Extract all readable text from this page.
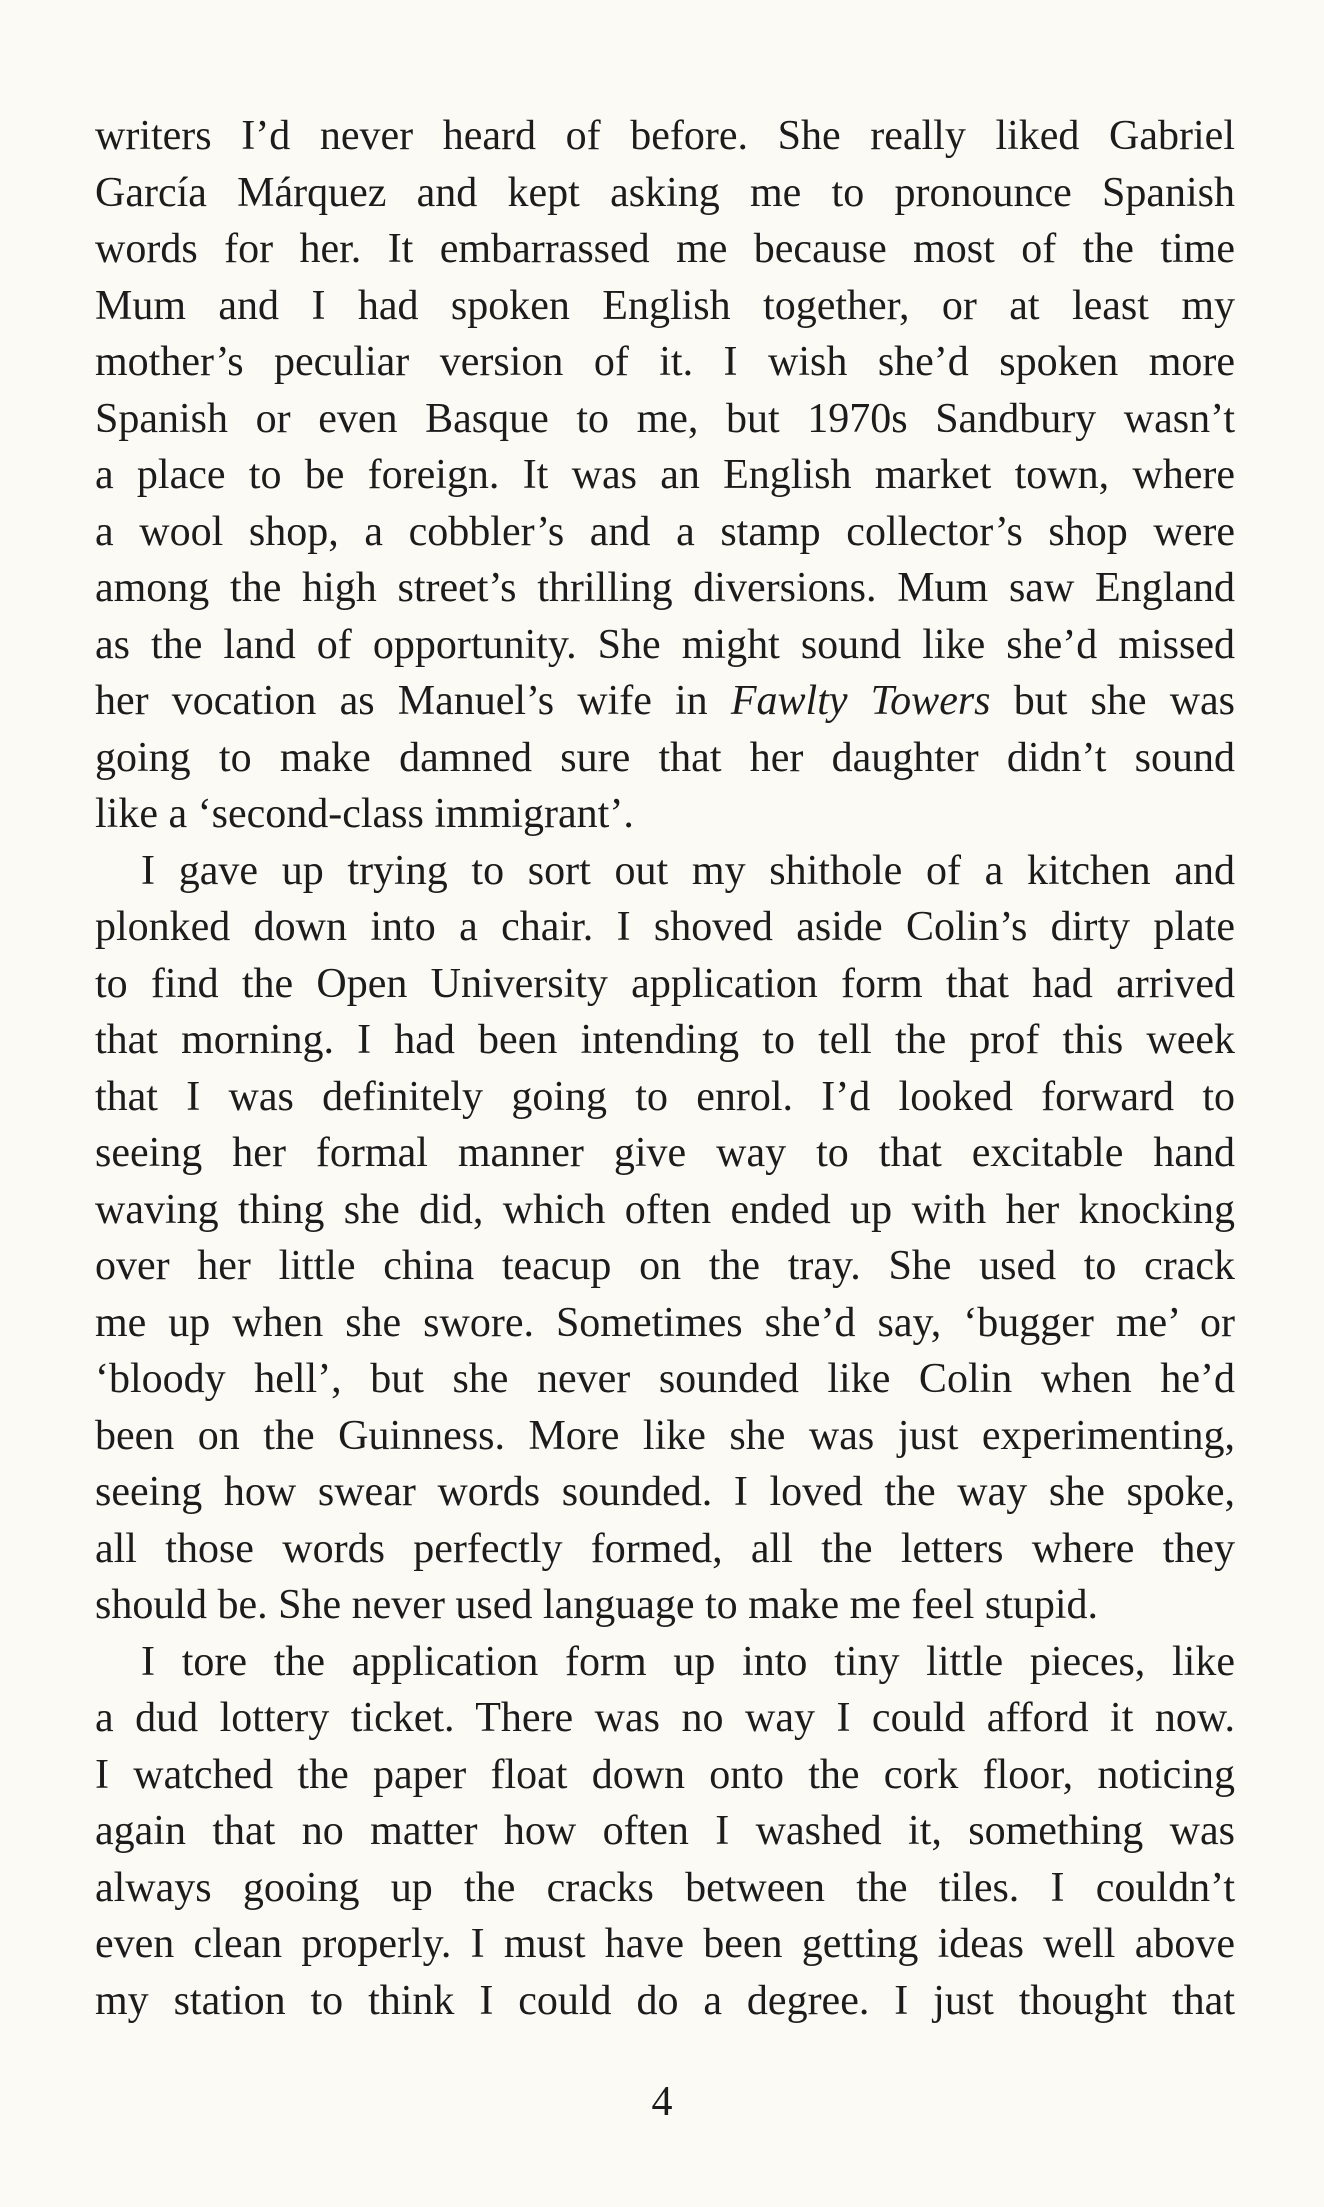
writers I’d never heard of before. She really liked Gabriel
García Márquez and kept asking me to pronounce Spanish
words for her. It embarrassed me because most of the time
Mum and I had spoken English together, or at least my
mother’s peculiar version of it. I wish she’d spoken more
Spanish or even Basque to me, but 1970s Sandbury wasn’t
a place to be foreign. It was an English market town, where
a wool shop, a cobbler’s and a stamp collector’s shop were
among the high street’s thrilling diversions. Mum saw England
as the land of opportunity. She might sound like she’d missed
her vocation as Manuel’s wife in Fawlty Towers but she was
going to make damned sure that her daughter didn’t sound
like a ‘second-class immigrant’.
I gave up trying to sort out my shithole of a kitchen and
plonked down into a chair. I shoved aside Colin’s dirty plate
to find the Open University application form that had arrived
that morning. I had been intending to tell the prof this week
that I was definitely going to enrol. I’d looked forward to
seeing her formal manner give way to that excitable hand
waving thing she did, which often ended up with her knocking
over her little china teacup on the tray. She used to crack
me up when she swore. Sometimes she’d say, ‘bugger me’ or
‘bloody hell’, but she never sounded like Colin when he’d
been on the Guinness. More like she was just experimenting,
seeing how swear words sounded. I loved the way she spoke,
all those words perfectly formed, all the letters where they
should be. She never used language to make me feel stupid.
I tore the application form up into tiny little pieces, like
a dud lottery ticket. There was no way I could afford it now.
I watched the paper float down onto the cork floor, noticing
again that no matter how often I washed it, something was
always gooing up the cracks between the tiles. I couldn’t
even clean properly. I must have been getting ideas well above
my station to think I could do a degree. I just thought that
4
